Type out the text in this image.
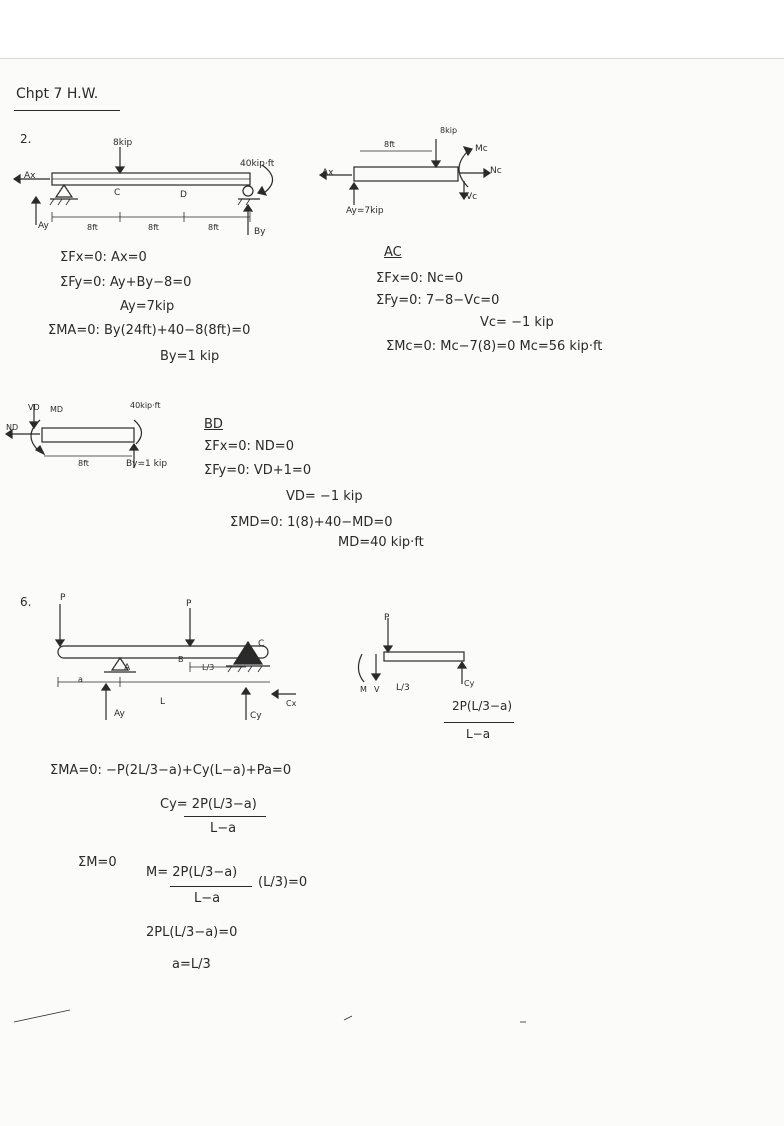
Chpt 7 H.W.
2.
C	D
8kip
40kip·ft
Ax
Ay
By
8ft	8ft	8ft
ΣFx=0: Ax=0
ΣFy=0: Ay+By−8=0
Ay=7kip
ΣMA=0: By(24ft)+40−8(8ft)=0
By=1 kip
8ft
8kip
Mc
Nc
Vc
Ax
Ay=7kip
AC
ΣFx=0: Nc=0
ΣFy=0: 7−8−Vc=0
Vc= −1 kip
ΣMc=0: Mc−7(8)=0 Mc=56 kip·ft
VD MD
ND
40kip·ft
8ft	By=1 kip
BD
ΣFx=0: ND=0
ΣFy=0: VD+1=0
VD= −1 kip
ΣMD=0: 1(8)+40−MD=0
MD=40 kip·ft
6.	P
P
A
B
C
L/3
a
L
Ay	Cy
Cx
P
M V L/3	Cy
2P(L/3−a)
L−a
ΣMA=0: −P(2L/3−a)+Cy(L−a)+Pa=0
Cy= 2P(L/3−a)
L−a
ΣM=0
M= 2P(L/3−a)
L−a
(L/3)=0
2PL(L/3−a)=0
a=L/3
